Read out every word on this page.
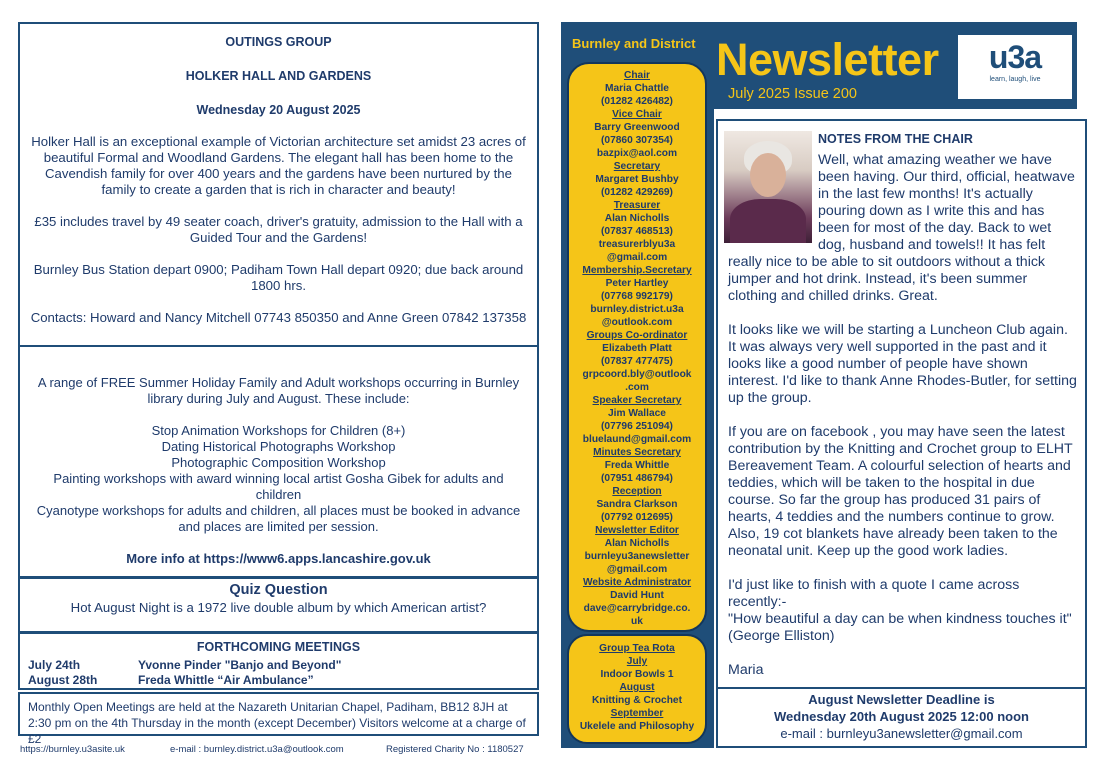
OUTINGS GROUP

HOLKER HALL AND GARDENS

Wednesday 20 August 2025

Holker Hall is an exceptional example of Victorian architecture set amidst 23 acres of beautiful Formal and Woodland Gardens. The elegant hall has been home to the Cavendish family for over 400 years and the gardens have been nurtured by the family to create a garden that is rich in character and beauty!

£35 includes travel by 49 seater coach, driver's gratuity, admission to the Hall with a Guided Tour and the Gardens!

Burnley Bus Station depart 0900; Padiham Town Hall depart 0920; due back around 1800 hrs.

Contacts: Howard and Nancy Mitchell 07743 850350 and Anne Green 07842 137358

A range of FREE Summer Holiday Family and Adult workshops occurring in Burnley library during July and August. These include:

Stop Animation Workshops for Children (8+)

Dating Historical Photographs Workshop

Photographic Composition Workshop

Painting workshops with award winning local artist Gosha Gibek for adults and children

Cyanotype workshops for adults and children, all places must be booked in advance and places are limited per session.

More info at https://www6.apps.lancashire.gov.uk

Quiz Question

Hot August Night is a 1972 live double album by which American artist?

FORTHCOMING MEETINGS

July 24th	Yvonne Pinder "Banjo and Beyond"
August 28th	Freda Whittle “Air Ambulance”

Monthly Open Meetings are held at the Nazareth Unitarian Chapel, Padiham, BB12 8JH at 2:30 pm on the 4th Thursday in the month (except December) Visitors welcome at a charge of £2

https://burnley.u3asite.uk	e-mail : burnley.district.u3a@outlook.com	Registered Charity No : 1180527
Burnley and District Newsletter
July 2025 Issue 200
u3a
learn, laugh, live
Chair
Maria Chattle
(01282 426482)
Vice Chair
Barry Greenwood
(07860 307354)
bazpix@aol.com
Secretary
Margaret Bushby
(01282 429269)
Treasurer
Alan Nicholls
(07837 468513)
treasurerblyu3a
@gmail.com
Membership.Secretary
Peter Hartley
(07768 992179)
burnley.district.u3a
@outlook.com
Groups Co-ordinator
Elizabeth Platt
(07837 477475)
grpcoord.bly@outlook
.com
Speaker Secretary
Jim Wallace
(07796 251094)
bluelaund@gmail.com
Minutes Secretary
Freda Whittle
(07951 486794)
Reception
Sandra Clarkson
(07792 012695)
Newsletter Editor
Alan Nicholls
burnleyu3anewsletter
@gmail.com
Website Administrator
David Hunt
dave@carrybridge.co.
uk
Group Tea Rota
July
Indoor Bowls 1
August
Knitting & Crochet
September
Ukelele and Philosophy

NOTES FROM THE CHAIR

Well, what amazing weather we have been having. Our third, official, heatwave in the last few months! It's actually pouring down as I write this and has been for most of the day. Back to wet dog, husband and towels!! It has felt really nice to be able to sit outdoors without a thick jumper and hot drink. Instead, it's been summer clothing and chilled drinks. Great.

It looks like we will be starting a Luncheon Club again. It was always very well supported in the past and it looks like a good number of people have shown interest. I'd like to thank Anne Rhodes-Butler, for setting up the group.

If you are on facebook , you may have seen the latest contribution by the Knitting and Crochet group to ELHT Bereavement Team. A colourful selection of hearts and teddies, which will be taken to the hospital in due course. So far the group has produced 31 pairs of hearts, 4 teddies and the numbers continue to grow. Also, 19 cot blankets have already been taken to the neonatal unit. Keep up the good work ladies.

I'd just like to finish with a quote I came across recently:-

"How beautiful a day can be when kindness touches it" (George Elliston)

Maria

August Newsletter Deadline is

Wednesday 20th August 2025 12:00 noon

e-mail : burnleyu3anewsletter@gmail.com
